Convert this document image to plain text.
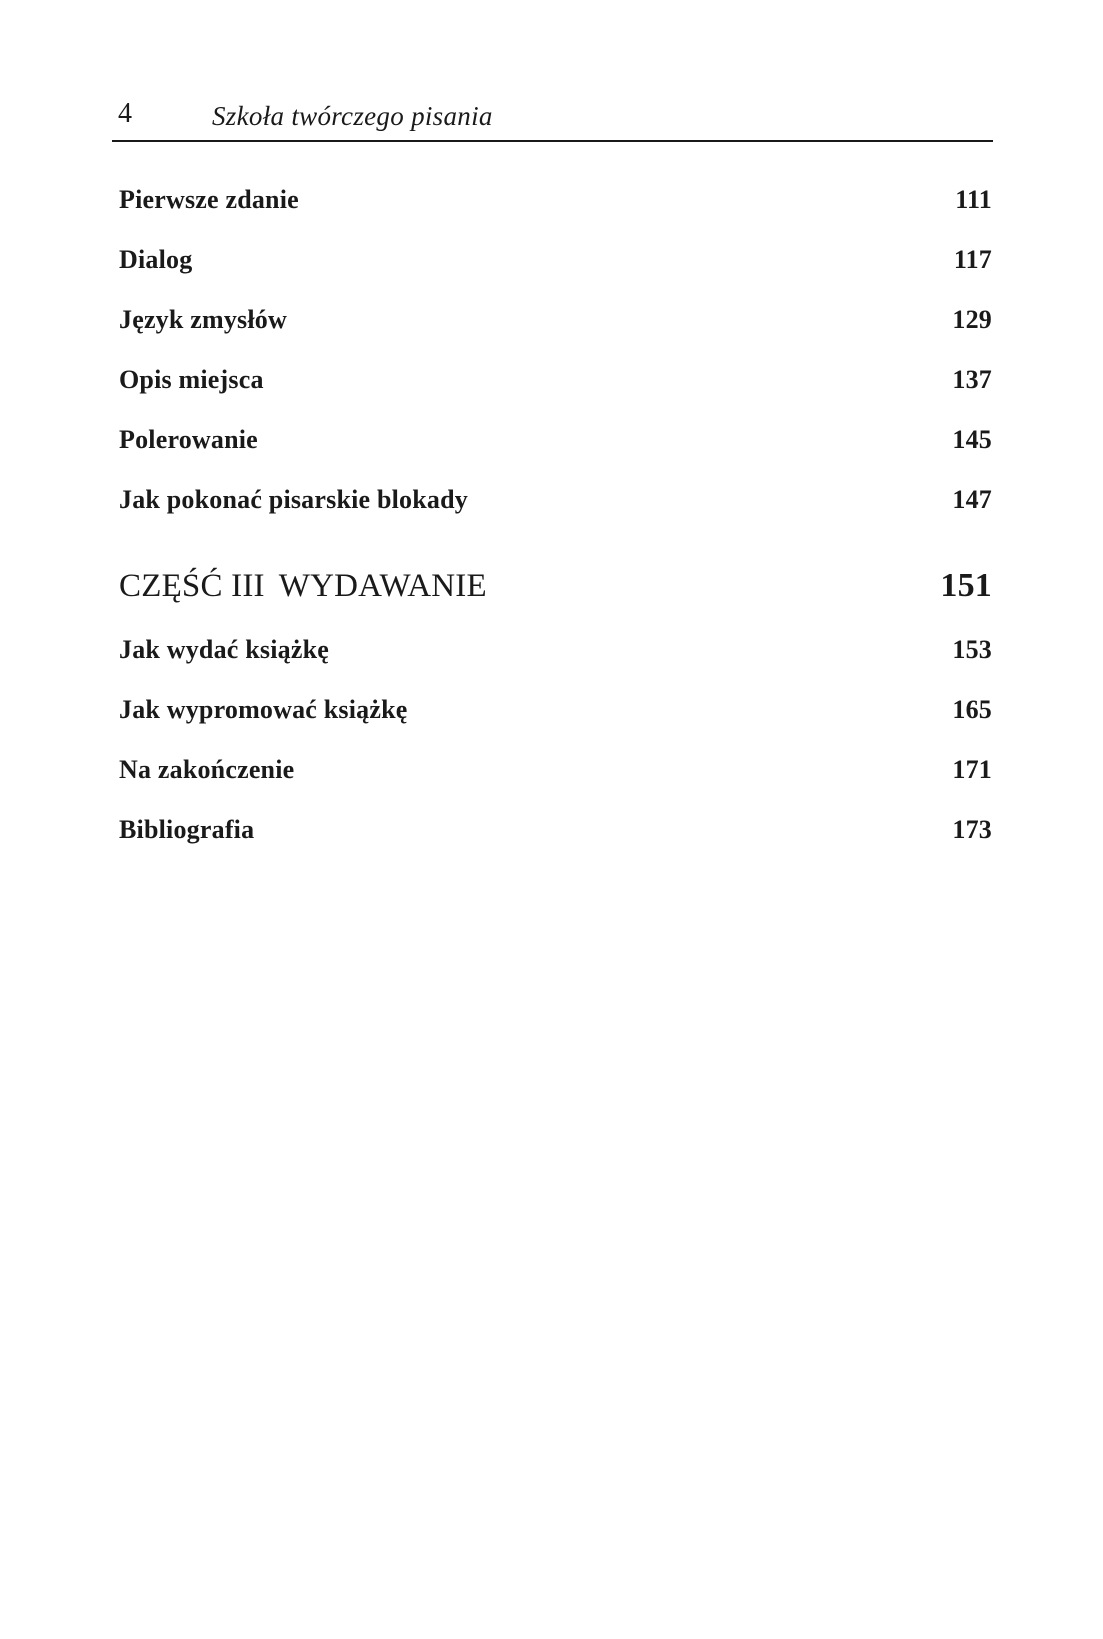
4	Szkoła twórczego pisania
Pierwsze zdanie	111
Dialog	117
Język zmysłów	129
Opis miejsca	137
Polerowanie	145
Jak pokonać pisarskie blokady	147
CZĘŚĆ III WYDAWANIE	151
Jak wydać książkę	153
Jak wypromować książkę	165
Na zakończenie	171
Bibliografia	173
